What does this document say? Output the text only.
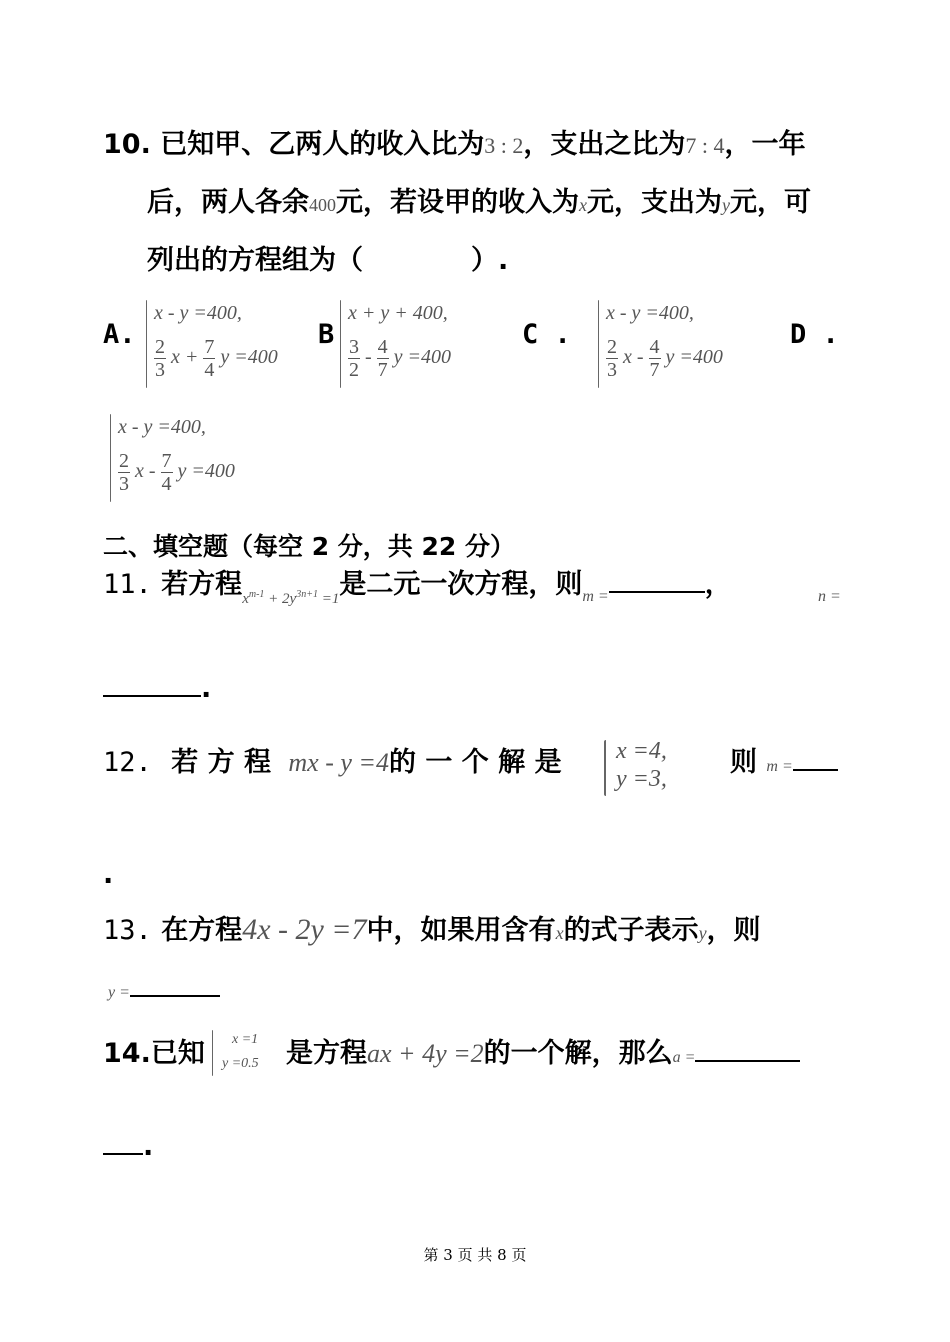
10. 已知甲、乙两人的收入比为3 : 2，支出之比为7 : 4，一年
后，两人各余400元，若设甲的收入为x元，支出为y元，可
列出的方程组为（　　　　）.
A.
x - y =400,
$\frac{2}{3}$ $x + \frac{7}{4}$ y =400
B
x + y + 400,
$\frac{3}{2} - \frac{4}{7}$ y =400
C .
x - y =400,
$\frac{2}{3}$ x - $\frac{4}{7}$ y =400
D .
x - y =400,
$\frac{2}{3}$ x - $\frac{7}{4}$ y =400
二、填空题（每空 2 分，共 22 分）
11. 若方程$_{x^{m-1} + 2y^{3n+1} =1}$是二元一次方程，则$_{m =}$	，	n =
.
12. 若 方 程 mx - y =4的 一 个 解 是 x =4,
y =3,
则 m =
.
13. 在方程4x - 2y =7中，如果用含有x的式子表示y，则
y =
14.已知 x =1
y =0.5 是方程ax + 4y =2的一个解，那么a =
.
第 3 页 共 8 页
